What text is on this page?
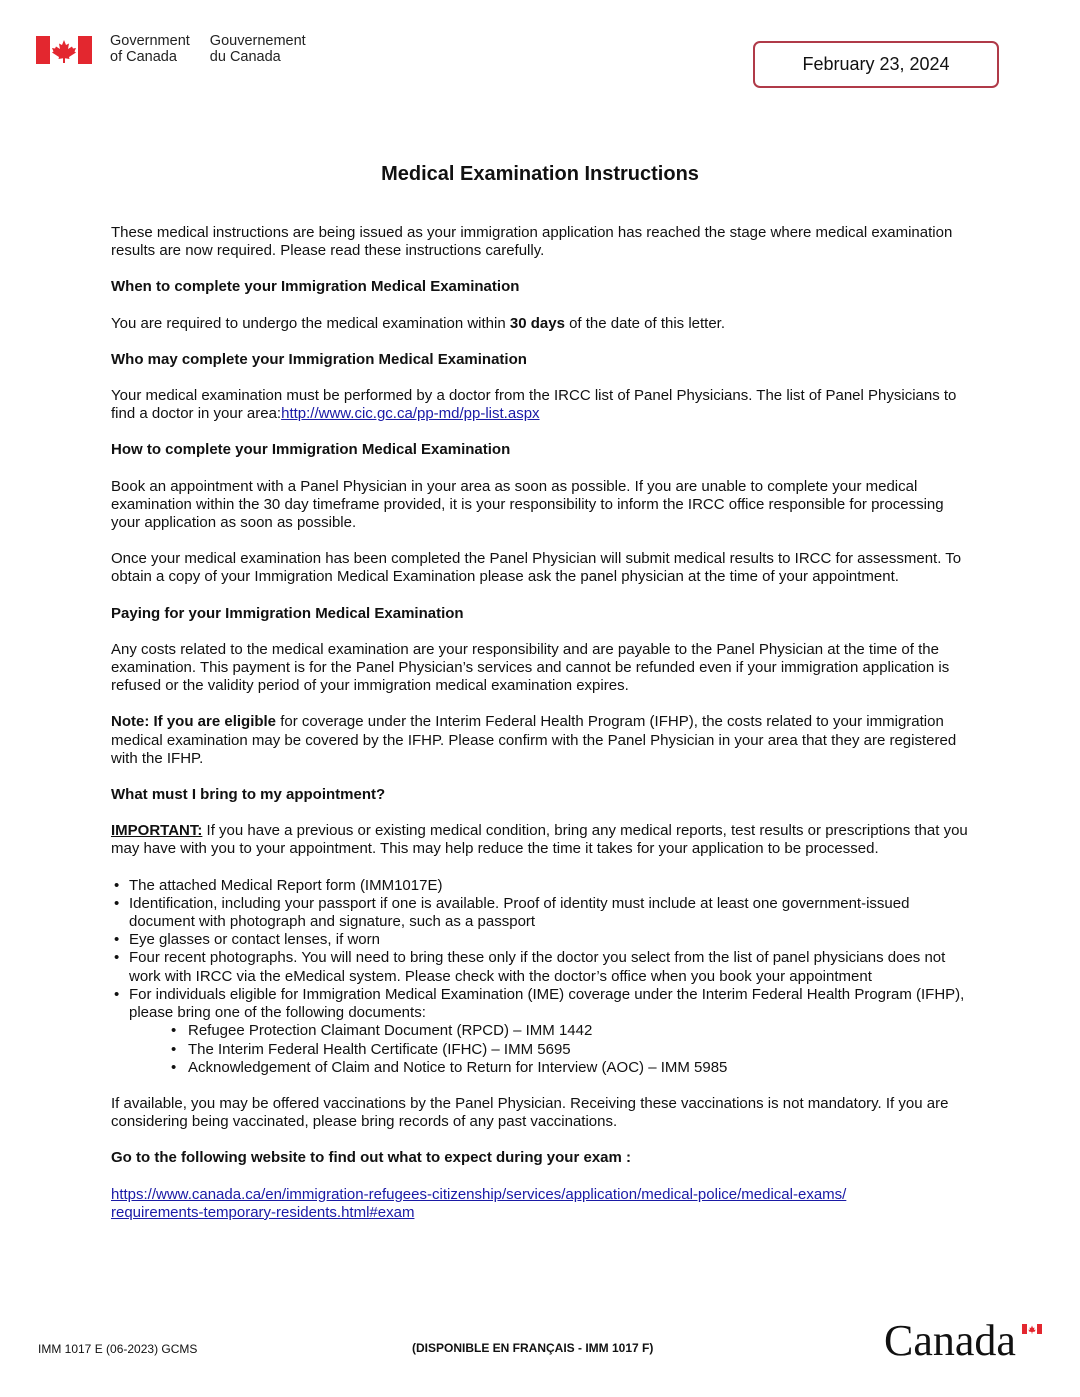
Government
of Canada
Gouvernement
du Canada	February 23, 2024
Medical Examination Instructions

These medical instructions are being issued as your immigration application has reached the stage where medical examination results are now required. Please read these instructions carefully.

When to complete your Immigration Medical Examination

You are required to undergo the medical examination within 30 days of the date of this letter.

Who may complete your Immigration Medical Examination

Your medical examination must be performed by a doctor from the IRCC list of Panel Physicians. The list of Panel Physicians to find a doctor in your area:http://www.cic.gc.ca/pp-md/pp-list.aspx

How to complete your Immigration Medical Examination

Book an appointment with a Panel Physician in your area as soon as possible. If you are unable to complete your medical examination within the 30 day timeframe provided, it is your responsibility to inform the IRCC office responsible for processing your application as soon as possible.

Once your medical examination has been completed the Panel Physician will submit medical results to IRCC for assessment. To obtain a copy of your Immigration Medical Examination please ask the panel physician at the time of your appointment.

Paying for your Immigration Medical Examination

Any costs related to the medical examination are your responsibility and are payable to the Panel Physician at the time of the examination. This payment is for the Panel Physician’s services and cannot be refunded even if your immigration application is refused or the validity period of your immigration medical examination expires.

Note: If you are eligible for coverage under the Interim Federal Health Program (IFHP), the costs related to your immigration medical examination may be covered by the IFHP. Please confirm with the Panel Physician in your area that they are registered with the IFHP.

What must I bring to my appointment?

IMPORTANT: If you have a previous or existing medical condition, bring any medical reports, test results or prescriptions that you may have with you to your appointment. This may help reduce the time it takes for your application to be processed.

• The attached Medical Report form (IMM1017E)
• Identification, including your passport if one is available. Proof of identity must include at least one government-issued document with photograph and signature, such as a passport
• Eye glasses or contact lenses, if worn
• Four recent photographs. You will need to bring these only if the doctor you select from the list of panel physicians does not work with IRCC via the eMedical system. Please check with the doctor’s office when you book your appointment
• For individuals eligible for Immigration Medical Examination (IME) coverage under the Interim Federal Health Program (IFHP), please bring one of the following documents:
• Refugee Protection Claimant Document (RPCD) – IMM 1442
• The Interim Federal Health Certificate (IFHC) – IMM 5695
• Acknowledgement of Claim and Notice to Return for Interview (AOC) – IMM 5985

If available, you may be offered vaccinations by the Panel Physician. Receiving these vaccinations is not mandatory. If you are considering being vaccinated, please bring records of any past vaccinations.

Go to the following website to find out what to expect during your exam :

https://www.canada.ca/en/immigration-refugees-citizenship/services/application/medical-police/medical-exams/
requirements-temporary-residents.html#exam
IMM 1017 E (06-2023) GCMS	(DISPONIBLE EN FRANÇAIS - IMM 1017 F)	Canada
